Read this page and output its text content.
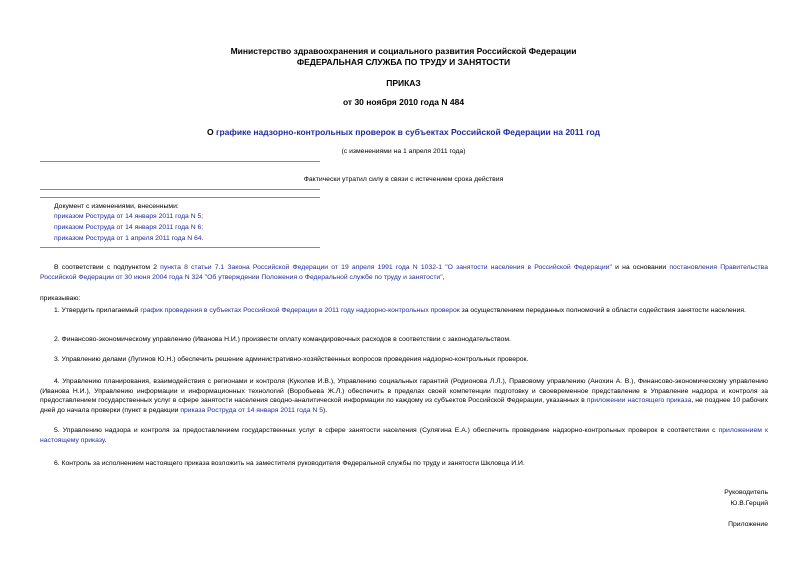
Министерство здравоохранения и социального развития Российской Федерации
ФЕДЕРАЛЬНАЯ СЛУЖБА ПО ТРУДУ И ЗАНЯТОСТИ
ПРИКАЗ
от 30 ноября 2010 года N 484
О графике надзорно-контрольных проверок в субъектах Российской Федерации на 2011 год
(с изменениями на 1 апреля 2011 года)
Фактически утратил силу в связи с истечением срока действия
Документ с изменениями, внесенными:
приказом Роструда от 14 января 2011 года N 5;
приказом Роструда от 14 января 2011 года N 6;
приказом Роструда от 1 апреля 2011 года N 64.
В соответствии с подпунктом 2 пункта 8 статьи 7.1 Закона Российской Федерации от 19 апреля 1991 года N 1032-1 "О занятости населения в Российской Федерации" и на основании постановления Правительства Российской Федерации от 30 июня 2004 года N 324 "Об утверждении Положения о Федеральной службе по труду и занятости",
приказываю:
1. Утвердить прилагаемый график проведения в субъектах Российской Федерации в 2011 году надзорно-контрольных проверок за осуществлением переданных полномочий в области содействия занятости населения.
2. Финансово-экономическому управлению (Иванова Н.И.) произвести оплату командировочных расходов в соответствии с законодательством.
3. Управлению делами (Лугинов Ю.Н.) обеспечить решение административно-хозяйственных вопросов проведения надзорно-контрольных проверок.
4. Управлению планирования, взаимодействия с регионами и контроля (Куколев И.В.), Управлению социальных гарантий (Родионова Л.Л.), Правовому управлению (Анохин А. В.), Финансово-экономическому управлению (Иванова Н.И.), Управлению информации и информационных технологий (Воробьева Ж.Л.) обеспечить в пределах своей компетенции подготовку и своевременное представление в Управление надзора и контроля за предоставлением государственных услуг в сфере занятости населения сводно-аналитической информации по каждому из субъектов Российской Федерации, указанных в приложении настоящего приказа, не позднее 10 рабочих дней до начала проверки (пункт в редакции приказа Роструда от 14 января 2011 года N 5).
5. Управлению надзора и контроля за предоставлением государственных услуг в сфере занятости населения (Сулягина Е.А.) обеспечить проведение надзорно-контрольных проверок в соответствии с приложением к настоящему приказу.
6. Контроль за исполнением настоящего приказа возложить на заместителя руководителя Федеральной службы по труду и занятости Шкловца И.И.
Руководитель
Ю.В.Герций
Приложение
